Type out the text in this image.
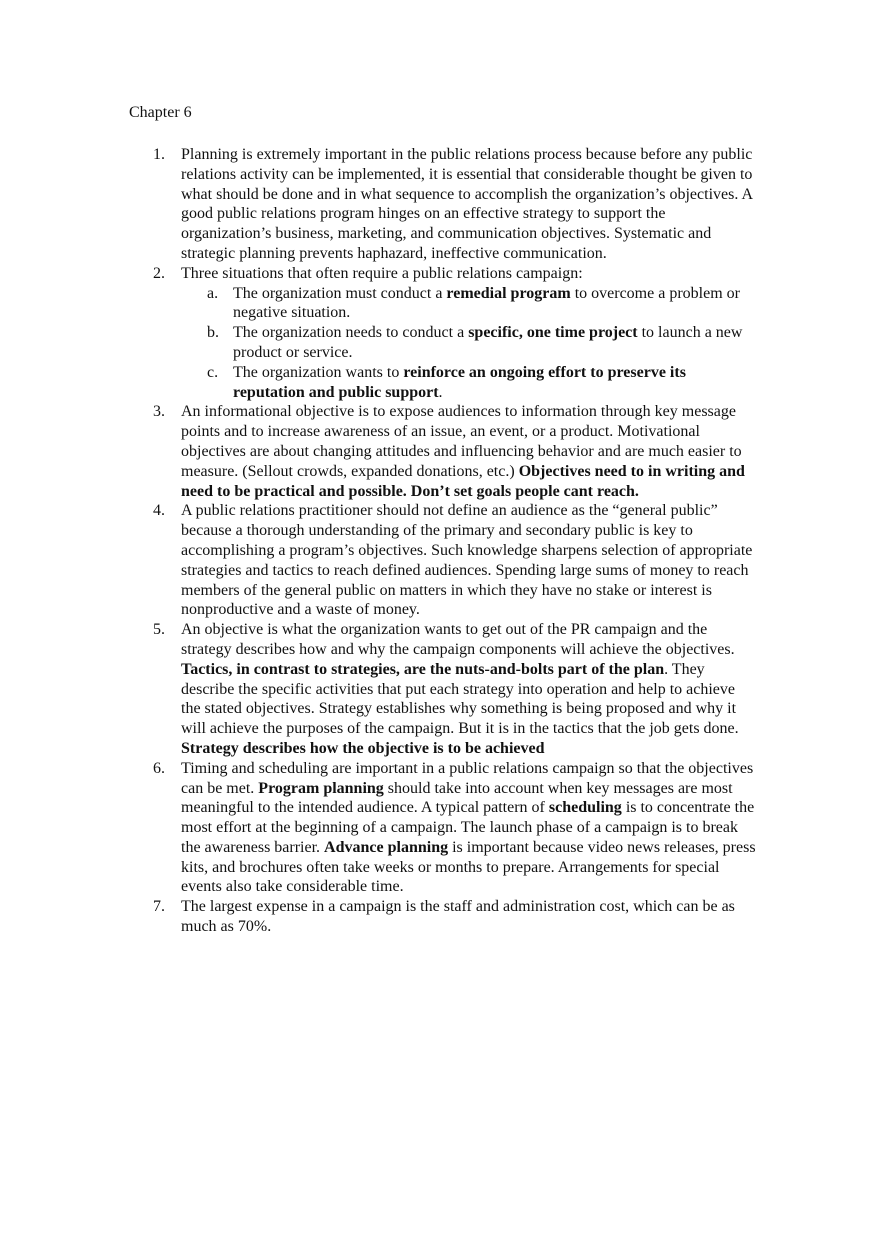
Chapter 6
1.	Planning is extremely important in the public relations process because before any public relations activity can be implemented, it is essential that considerable thought be given to what should be done and in what sequence to accomplish the organization’s objectives. A good public relations program hinges on an effective strategy to support the organization’s business, marketing, and communication objectives. Systematic and strategic planning prevents haphazard, ineffective communication.
2.	Three situations that often require a public relations campaign:
a. The organization must conduct a remedial program to overcome a problem or negative situation.
b. The organization needs to conduct a specific, one time project to launch a new product or service.
c. The organization wants to reinforce an ongoing effort to preserve its reputation and public support.
3.	An informational objective is to expose audiences to information through key message points and to increase awareness of an issue, an event, or a product. Motivational objectives are about changing attitudes and influencing behavior and are much easier to measure. (Sellout crowds, expanded donations, etc.) Objectives need to in writing and need to be practical and possible. Don’t set goals people cant reach.
4.	A public relations practitioner should not define an audience as the “general public” because a thorough understanding of the primary and secondary public is key to accomplishing a program’s objectives. Such knowledge sharpens selection of appropriate strategies and tactics to reach defined audiences. Spending large sums of money to reach members of the general public on matters in which they have no stake or interest is nonproductive and a waste of money.
5.	An objective is what the organization wants to get out of the PR campaign and the strategy describes how and why the campaign components will achieve the objectives. Tactics, in contrast to strategies, are the nuts-and-bolts part of the plan. They describe the specific activities that put each strategy into operation and help to achieve the stated objectives. Strategy establishes why something is being proposed and why it will achieve the purposes of the campaign. But it is in the tactics that the job gets done. Strategy describes how the objective is to be achieved
6.	Timing and scheduling are important in a public relations campaign so that the objectives can be met. Program planning should take into account when key messages are most meaningful to the intended audience. A typical pattern of scheduling is to concentrate the most effort at the beginning of a campaign. The launch phase of a campaign is to break the awareness barrier. Advance planning is important because video news releases, press kits, and brochures often take weeks or months to prepare. Arrangements for special events also take considerable time.
7.	The largest expense in a campaign is the staff and administration cost, which can be as much as 70%.
